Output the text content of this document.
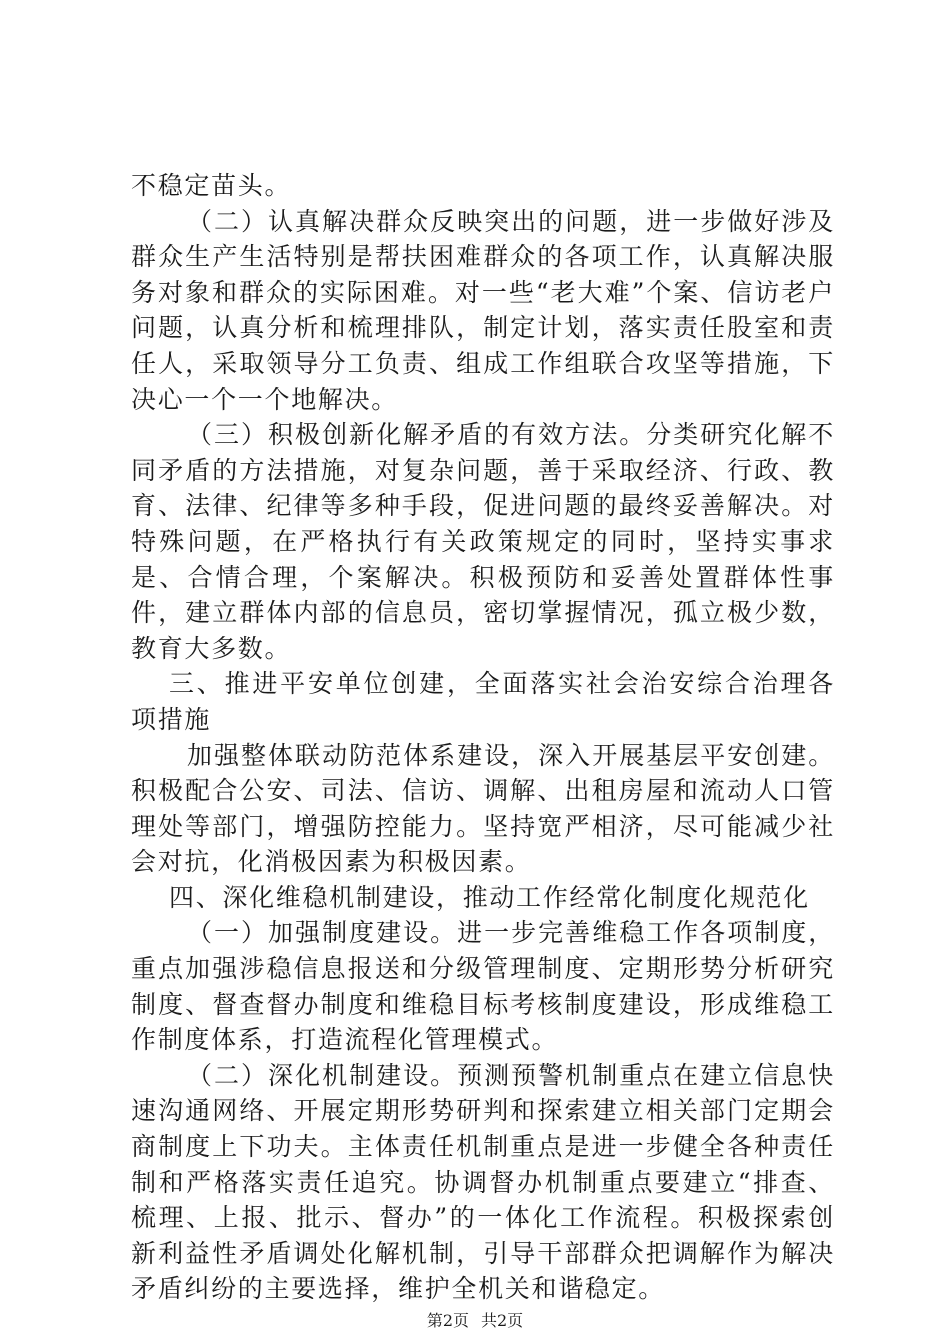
不稳定苗头。

（二）认真解决群众反映突出的问题，进一步做好涉及群众生产生活特别是帮扶困难群众的各项工作，认真解决服务对象和群众的实际困难。对一些“老大难”个案、信访老户问题，认真分析和梳理排队，制定计划，落实责任股室和责任人，采取领导分工负责、组成工作组联合攻坚等措施，下决心一个一个地解决。

（三）积极创新化解矛盾的有效方法。分类研究化解不同矛盾的方法措施，对复杂问题，善于采取经济、行政、教育、法律、纪律等多种手段，促进问题的最终妥善解决。对特殊问题，在严格执行有关政策规定的同时，坚持实事求是、合情合理，个案解决。积极预防和妥善处置群体性事件，建立群体内部的信息员，密切掌握情况，孤立极少数，教育大多数。

三、推进平安单位创建，全面落实社会治安综合治理各项措施

加强整体联动防范体系建设，深入开展基层平安创建。积极配合公安、司法、信访、调解、出租房屋和流动人口管理处等部门，增强防控能力。坚持宽严相济，尽可能减少社会对抗，化消极因素为积极因素。

四、深化维稳机制建设，推动工作经常化制度化规范化

（一）加强制度建设。进一步完善维稳工作各项制度，重点加强涉稳信息报送和分级管理制度、定期形势分析研究制度、督查督办制度和维稳目标考核制度建设，形成维稳工作制度体系，打造流程化管理模式。

（二）深化机制建设。预测预警机制重点在建立信息快速沟通网络、开展定期形势研判和探索建立相关部门定期会商制度上下功夫。主体责任机制重点是进一步健全各种责任制和严格落实责任追究。协调督办机制重点要建立“排查、梳理、上报、批示、督办”的一体化工作流程。积极探索创新利益性矛盾调处化解机制，引导干部群众把调解作为解决矛盾纠纷的主要选择，维护全机关和谐稳定。

第2页 共2页
